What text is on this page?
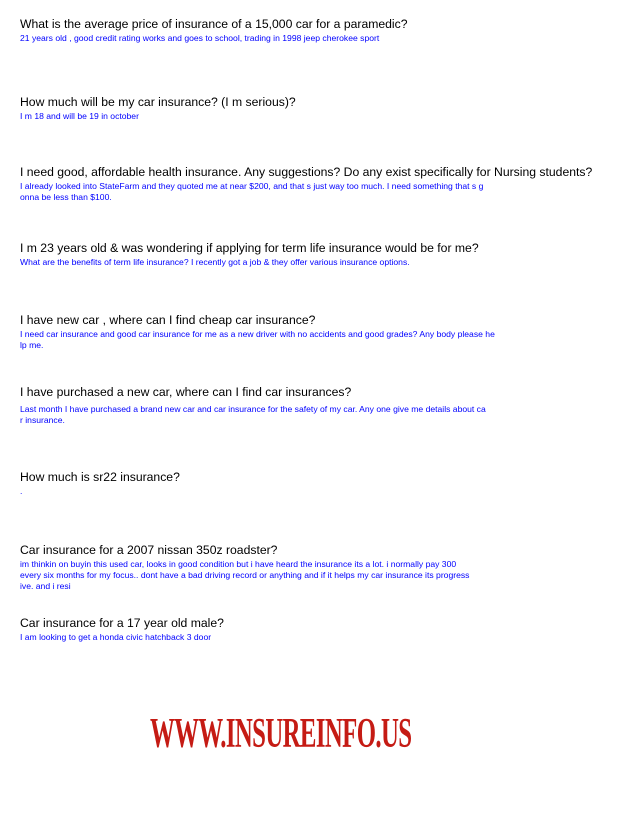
What is the average price of insurance of a 15,000 car for a paramedic?
21 years old , good credit rating works and goes to school, trading in 1998 jeep cherokee sport
How much will be my car insurance? (I m serious)?
I m 18 and will be 19 in october
I need good, affordable health insurance. Any suggestions? Do any exist specifically for Nursing students?
I already looked into StateFarm and they quoted me at near $200, and that s just way too much. I need something that s g
onna be less than $100.
I m 23 years old & was wondering if applying for term life insurance would be for me?
What are the benefits of term life insurance? I recently got a job & they offer various insurance options.
I have new car , where can I find cheap car insurance?
I need car insurance and good car insurance for me as a new driver with no accidents and good grades? Any body please he
lp me.
I have purchased a new car, where can I find car insurances?
Last month I have purchased a brand new car and car insurance for the safety of my car. Any one give me details about ca
r insurance.
How much is sr22 insurance?
.
Car insurance for a 2007 nissan 350z roadster?
im thinkin on buyin this used car, looks in good condition but i have heard the insurance its a lot. i normally pay 300
every six months for my focus.. dont have a bad driving record or anything and if it helps my car insurance its progress
ive. and i resi
Car insurance for a 17 year old male?
I am looking to get a honda civic hatchback 3 door
WWW.INSUREINFO.US
